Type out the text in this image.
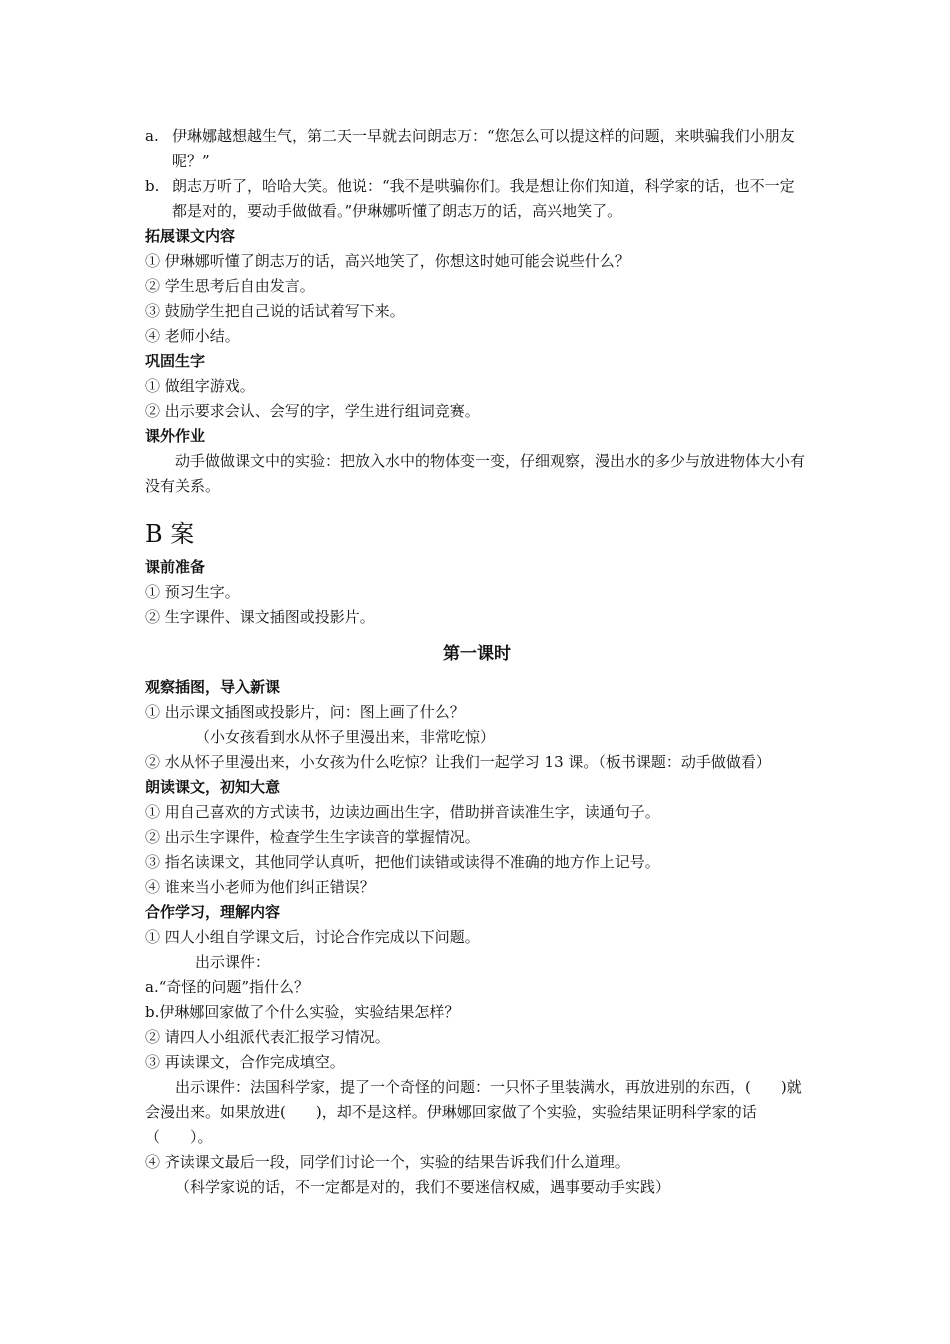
a. 伊琳娜越想越生气，第二天一早就去问朗志万：“您怎么可以提这样的问题，来哄骗我们小朋友呢？”
b. 朗志万听了，哈哈大笑。他说：“我不是哄骗你们。我是想让你们知道，科学家的话，也不一定都是对的，要动手做做看。”伊琳娜听懂了朗志万的话，高兴地笑了。

拓展课文内容

① 伊琳娜听懂了朗志万的话，高兴地笑了，你想这时她可能会说些什么？

② 学生思考后自由发言。

③ 鼓励学生把自己说的话试着写下来。

④ 老师小结。

巩固生字

① 做组字游戏。

② 出示要求会认、会写的字，学生进行组词竞赛。

课外作业

动手做做课文中的实验：把放入水中的物体变一变，仔细观察，漫出水的多少与放进物体大小有没有关系。

B 案

课前准备

① 预习生字。

② 生字课件、课文插图或投影片。

第一课时

观察插图，导入新课

① 出示课文插图或投影片，问：图上画了什么？

（小女孩看到水从怀子里漫出来，非常吃惊）

② 水从怀子里漫出来，小女孩为什么吃惊？让我们一起学习 13 课。（板书课题：动手做做看）

朗读课文，初知大意

① 用自己喜欢的方式读书，边读边画出生字，借助拼音读准生字，读通句子。

② 出示生字课件，检查学生生字读音的掌握情况。

③ 指名读课文，其他同学认真听，把他们读错或读得不准确的地方作上记号。

④ 谁来当小老师为他们纠正错误？

合作学习，理解内容

① 四人小组自学课文后，讨论合作完成以下问题。

出示课件：

a.“奇怪的问题”指什么？

b.伊琳娜回家做了个什么实验，实验结果怎样？

② 请四人小组派代表汇报学习情况。

③ 再读课文，合作完成填空。

出示课件：法国科学家，提了一个奇怪的问题：一只怀子里装满水，再放进别的东西，(　　)就会漫出来。如果放进(　　)，却不是这样。伊琳娜回家做了个实验，实验结果证明科学家的话（　　）。

④ 齐读课文最后一段，同学们讨论一个，实验的结果告诉我们什么道理。

（科学家说的话，不一定都是对的，我们不要迷信权威，遇事要动手实践）
